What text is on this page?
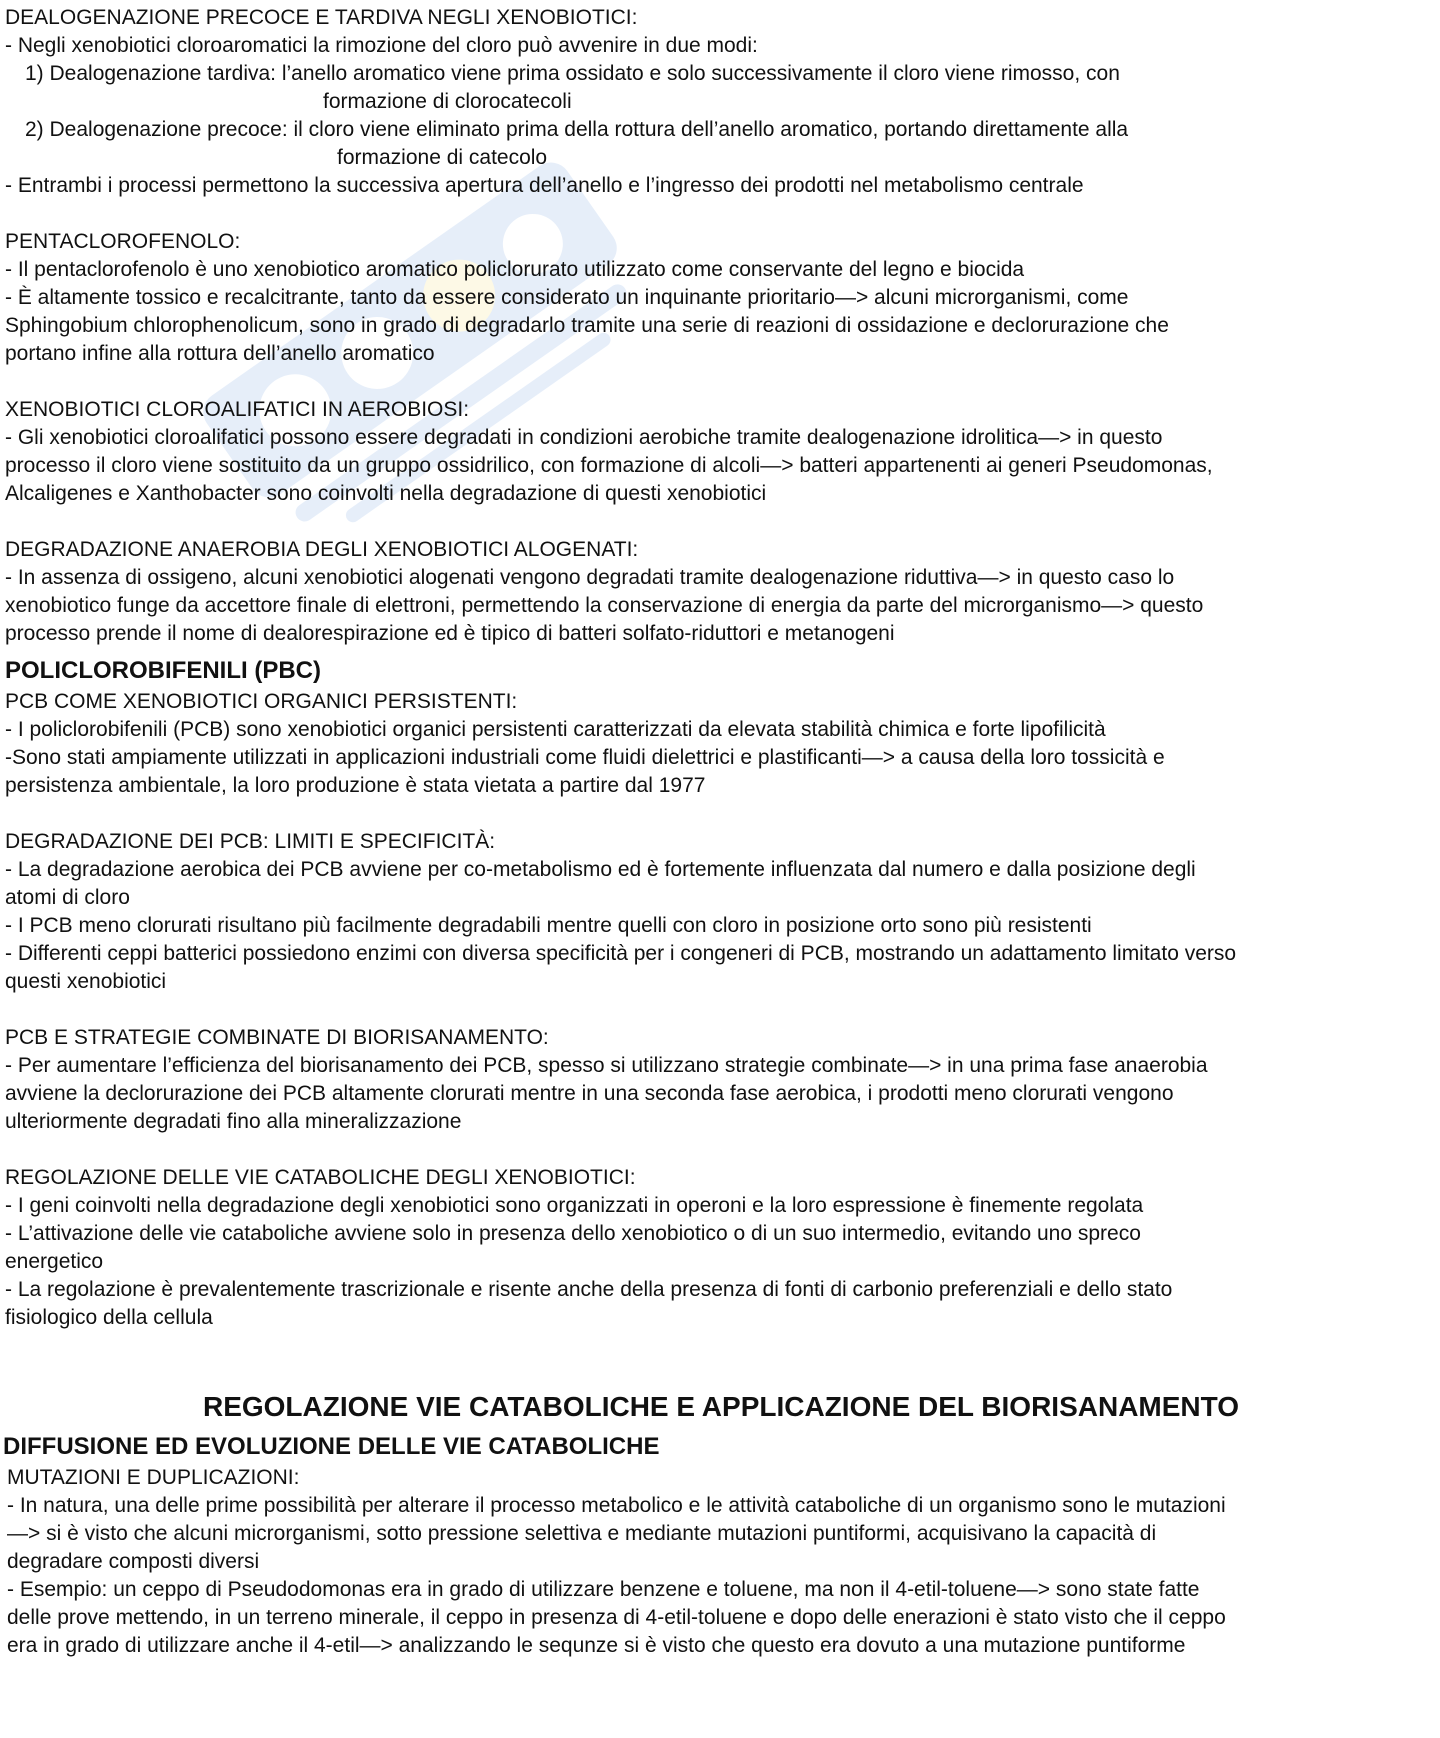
DEALOGENAZIONE PRECOCE E TARDIVA NEGLI XENOBIOTICI:
- Negli xenobiotici cloroaromatici la rimozione del cloro può avvenire in due modi:
1) Dealogenazione tardiva: l’anello aromatico viene prima ossidato e solo successivamente il cloro viene rimosso, con
formazione di clorocatecoli
2) Dealogenazione precoce: il cloro viene eliminato prima della rottura dell’anello aromatico, portando direttamente alla
formazione di catecolo
- Entrambi i processi permettono la successiva apertura dell’anello e l’ingresso dei prodotti nel metabolismo centrale
PENTACLOROFENOLO:
- Il pentaclorofenolo è uno xenobiotico aromatico policlorurato utilizzato come conservante del legno e biocida
- È altamente tossico e recalcitrante, tanto da essere considerato un inquinante prioritario—> alcuni microrganismi, come
Sphingobium chlorophenolicum, sono in grado di degradarlo tramite una serie di reazioni di ossidazione e declorurazione che
portano infine alla rottura dell’anello aromatico
XENOBIOTICI CLOROALIFATICI IN AEROBIOSI:
- Gli xenobiotici cloroalifatici possono essere degradati in condizioni aerobiche tramite dealogenazione idrolitica—> in questo
processo il cloro viene sostituito da un gruppo ossidrilico, con formazione di alcoli—> batteri appartenenti ai generi Pseudomonas,
Alcaligenes e Xanthobacter sono coinvolti nella degradazione di questi xenobiotici
DEGRADAZIONE ANAEROBIA DEGLI XENOBIOTICI ALOGENATI:
- In assenza di ossigeno, alcuni xenobiotici alogenati vengono degradati tramite dealogenazione riduttiva—> in questo caso lo
xenobiotico funge da accettore finale di elettroni, permettendo la conservazione di energia da parte del microrganismo—> questo
processo prende il nome di dealorespirazione ed è tipico di batteri solfato-riduttori e metanogeni
POLICLOROBIFENILI (PBC)
PCB COME XENOBIOTICI ORGANICI PERSISTENTI:
- I policlorobifenili (PCB) sono xenobiotici organici persistenti caratterizzati da elevata stabilità chimica e forte lipofilicità
-Sono stati ampiamente utilizzati in applicazioni industriali come fluidi dielettrici e plastificanti—> a causa della loro tossicità e
persistenza ambientale, la loro produzione è stata vietata a partire dal 1977
DEGRADAZIONE DEI PCB: LIMITI E SPECIFICITÀ:
- La degradazione aerobica dei PCB avviene per co-metabolismo ed è fortemente influenzata dal numero e dalla posizione degli
atomi di cloro
- I PCB meno clorurati risultano più facilmente degradabili mentre quelli con cloro in posizione orto sono più resistenti
- Differenti ceppi batterici possiedono enzimi con diversa specificità per i congeneri di PCB, mostrando un adattamento limitato verso
questi xenobiotici
PCB E STRATEGIE COMBINATE DI BIORISANAMENTO:
- Per aumentare l’efficienza del biorisanamento dei PCB, spesso si utilizzano strategie combinate—> in una prima fase anaerobia
avviene la declorurazione dei PCB altamente clorurati mentre in una seconda fase aerobica, i prodotti meno clorurati vengono
ulteriormente degradati fino alla mineralizzazione
REGOLAZIONE DELLE VIE CATABOLICHE DEGLI XENOBIOTICI:
- I geni coinvolti nella degradazione degli xenobiotici sono organizzati in operoni e la loro espressione è finemente regolata
- L’attivazione delle vie cataboliche avviene solo in presenza dello xenobiotico o di un suo intermedio, evitando uno spreco
energetico
- La regolazione è prevalentemente trascrizionale e risente anche della presenza di fonti di carbonio preferenziali e dello stato
fisiologico della cellula
REGOLAZIONE VIE CATABOLICHE E APPLICAZIONE DEL BIORISANAMENTO
DIFFUSIONE ED EVOLUZIONE DELLE VIE CATABOLICHE
MUTAZIONI E DUPLICAZIONI:
- In natura, una delle prime possibilità per alterare il processo metabolico e le attività cataboliche di un organismo sono le mutazioni
—> si è visto che alcuni microrganismi, sotto pressione selettiva e mediante mutazioni puntiformi, acquisivano la capacità di
degradare composti diversi
- Esempio: un ceppo di Pseudodomonas era in grado di utilizzare benzene e toluene, ma non il 4-etil-toluene—> sono state fatte
delle prove mettendo, in un terreno minerale, il ceppo in presenza di 4-etil-toluene e dopo delle enerazioni è stato visto che il ceppo
era in grado di utilizzare anche il 4-etil—> analizzando le sequnze si è visto che questo era dovuto a una mutazione puntiforme
